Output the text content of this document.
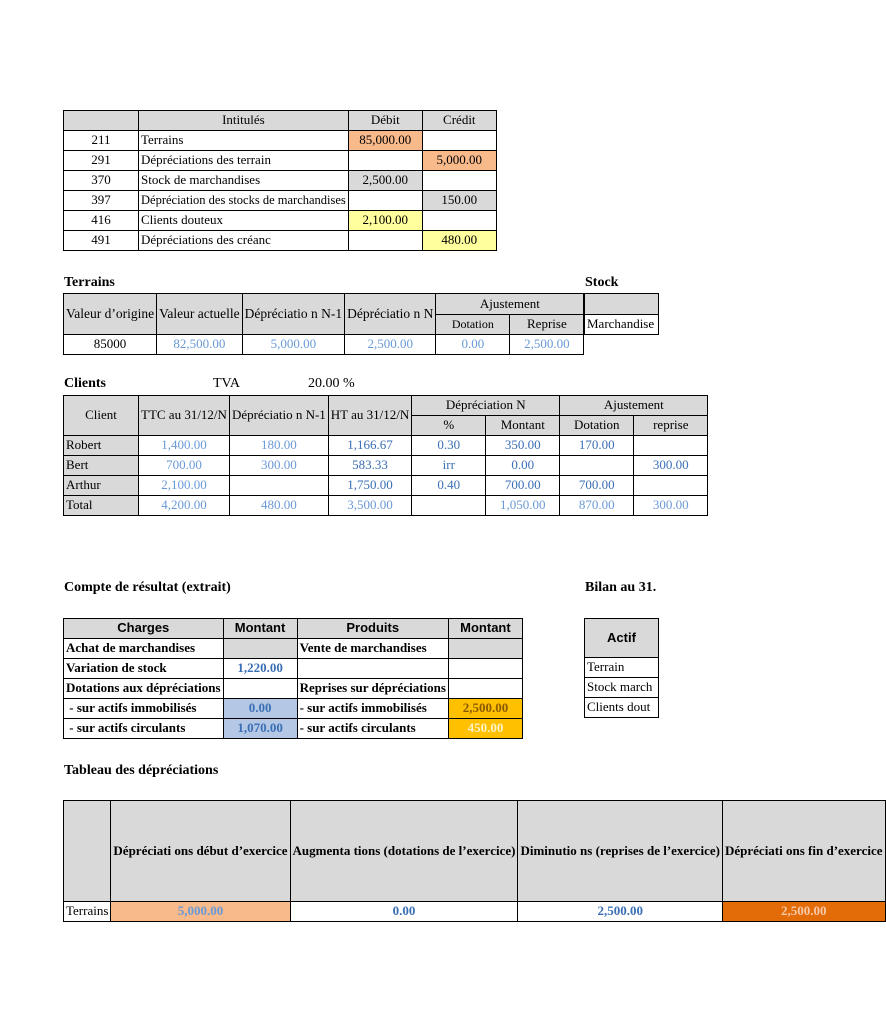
	Intitulés	Débit	Crédit
211	Terrains	85,000.00	
291	Dépréciations des terrain		5,000.00
370	Stock de marchandises	2,500.00	
397	Dépréciation des stocks de marchandises		150.00
416	Clients douteux	2,100.00	
491	Dépréciations des créanc		480.00
Terrains
Valeur d’origine	Valeur actuelle	Dépréciatio n N-1	Dépréciatio n N	Ajustement	
				Dotation	Reprise
85000	82,500.00	5,000.00	2,500.00	0.00	2,500.00
Stock

Marchandise
Clients	TVA	20.00 %
Client	TTC au 31/12/N	Dépréciatio n N-1	HT au 31/12/N	Dépréciation N		Ajustement	
				%	Montant	Dotation	reprise
Robert	1,400.00	180.00	1,166.67	0.30	350.00	170.00	
Bert	700.00	300.00	583.33	irr	0.00		300.00
Arthur	2,100.00		1,750.00	0.40	700.00	700.00	
Total	4,200.00	480.00	3,500.00		1,050.00	870.00	300.00
Compte de résultat (extrait)
Charges	Montant	Produits	Montant
Achat de marchandises		Vente de marchandises	
Variation de stock	1,220.00		
Dotations aux dépréciations		Reprises sur dépréciations	
- sur actifs immobilisés	0.00	- sur actifs immobilisés	2,500.00
- sur actifs circulants	1,070.00	- sur actifs circulants	450.00
Bilan au 31.
Actif
Terrain
Stock march
Clients dout
Tableau des dépréciations
	Dépréciati ons début d’exercice	Augmenta tions (dotations de l’exercice)	Diminutio ns (reprises de l’exercice)	Dépréciati ons fin d’exercice
Terrains	5,000.00	0.00	2,500.00	2,500.00
